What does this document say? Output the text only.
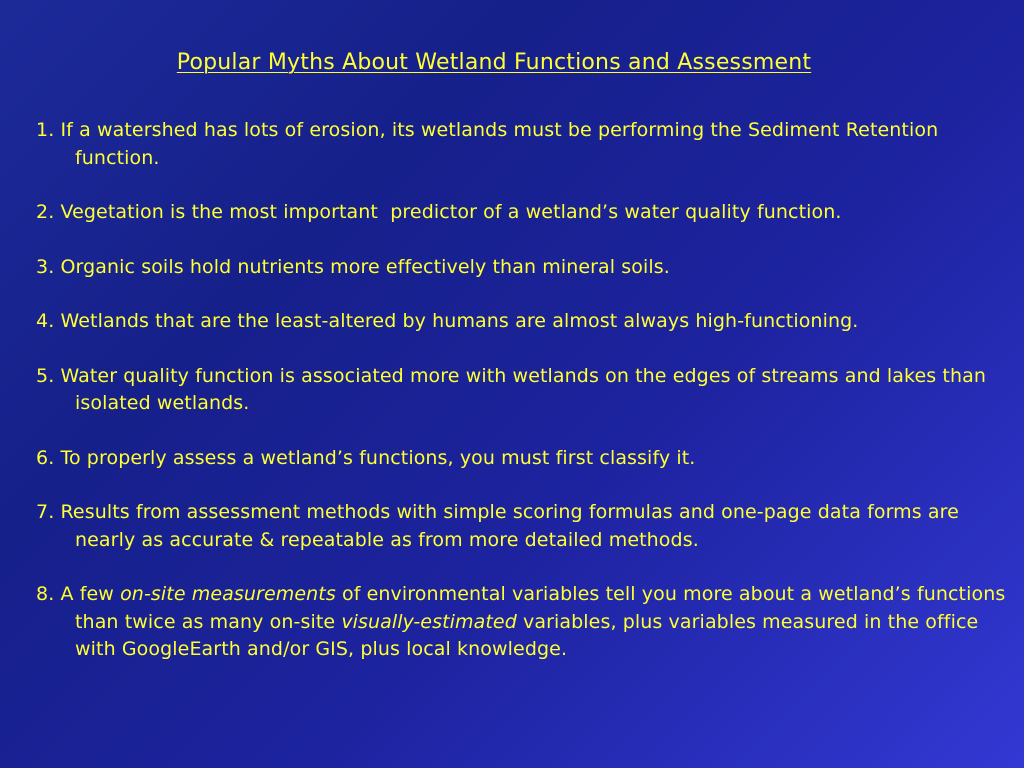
Popular Myths About Wetland Functions and Assessment
1. If a watershed has lots of erosion, its wetlands must be performing the Sediment Retention function.
2. Vegetation is the most important  predictor of a wetland’s water quality function.
3. Organic soils hold nutrients more effectively than mineral soils.
4. Wetlands that are the least-altered by humans are almost always high-functioning.
5. Water quality function is associated more with wetlands on the edges of streams and lakes than isolated wetlands.
6. To properly assess a wetland’s functions, you must first classify it.
7. Results from assessment methods with simple scoring formulas and one-page data forms are nearly as accurate & repeatable as from more detailed methods.
8. A few on-site measurements of environmental variables tell you more about a wetland’s functions than twice as many on-site visually-estimated variables, plus variables measured in the office with GoogleEarth and/or GIS, plus local knowledge.
